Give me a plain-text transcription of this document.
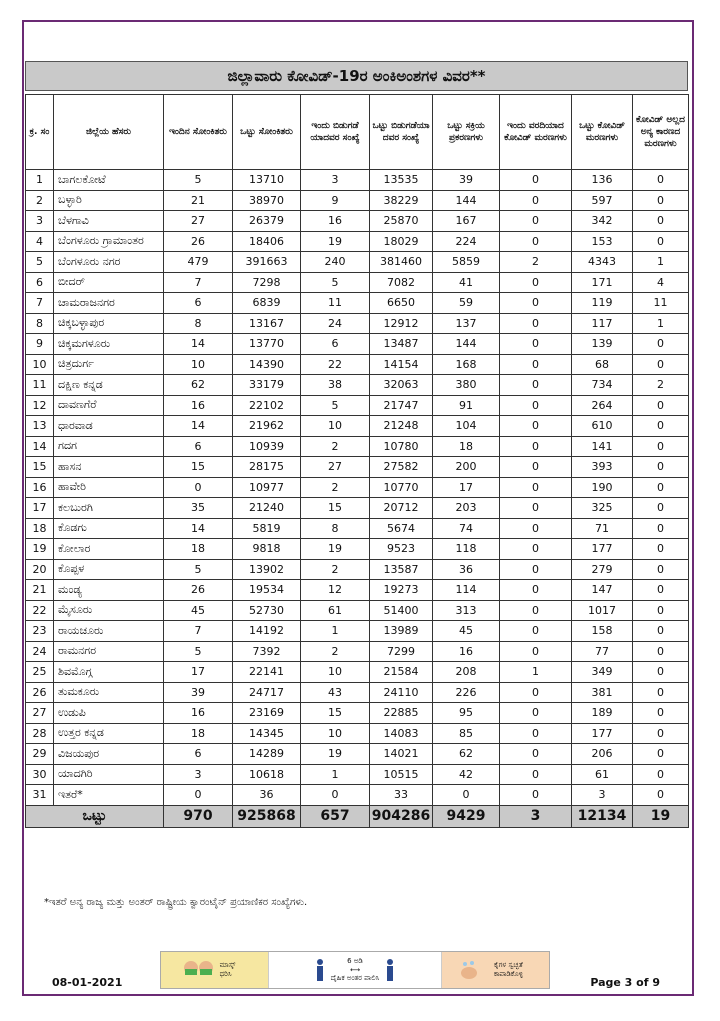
ಜಿಲ್ಲಾವಾರು ಕೋವಿಡ್-19ರ ಅಂಕಿಅಂಶಗಳ ವಿವರ**
ಕ್ರ. ಸಂ	ಜಿಲ್ಲೆಯ ಹೆಸರು	ಇಂದಿನ ಸೋಂಕಿತರು	ಒಟ್ಟು ಸೋಂಕಿತರು	ಇಂದು ಬಿಡುಗಡೆ ಯಾದವರ ಸಂಖ್ಯೆ	ಒಟ್ಟು ಬಿಡುಗಡೆಯಾ ದವರ ಸಂಖ್ಯೆ	ಒಟ್ಟು ಸಕ್ರಿಯ ಪ್ರಕರಣಗಳು	ಇಂದು ವರದಿಯಾದ ಕೋವಿಡ್ ಮರಣಗಳು	ಒಟ್ಟು ಕೋವಿಡ್ ಮರಣಗಳು	ಕೋವಿಡ್ ಅಲ್ಲದ ಅನ್ಯ ಕಾರಣದ ಮರಣಗಳು
1	ಬಾಗಲಕೋಟೆ	5	13710	3	13535	39	0	136	0
2	ಬಳ್ಳಾರಿ	21	38970	9	38229	144	0	597	0
3	ಬೆಳಗಾವಿ	27	26379	16	25870	167	0	342	0
4	ಬೆಂಗಳೂರು ಗ್ರಾಮಾಂತರ	26	18406	19	18029	224	0	153	0
5	ಬೆಂಗಳೂರು ನಗರ	479	391663	240	381460	5859	2	4343	1
6	ಬೀದರ್	7	7298	5	7082	41	0	171	4
7	ಚಾಮರಾಜನಗರ	6	6839	11	6650	59	0	119	11
8	ಚಿಕ್ಕಬಳ್ಳಾಪುರ	8	13167	24	12912	137	0	117	1
9	ಚಿಕ್ಕಮಗಳೂರು	14	13770	6	13487	144	0	139	0
10	ಚಿತ್ರದುರ್ಗ	10	14390	22	14154	168	0	68	0
11	ದಕ್ಷಿಣ ಕನ್ನಡ	62	33179	38	32063	380	0	734	2
12	ದಾವಣಗೆರೆ	16	22102	5	21747	91	0	264	0
13	ಧಾರವಾಡ	14	21962	10	21248	104	0	610	0
14	ಗದಗ	6	10939	2	10780	18	0	141	0
15	ಹಾಸನ	15	28175	27	27582	200	0	393	0
16	ಹಾವೇರಿ	0	10977	2	10770	17	0	190	0
17	ಕಲಬುರಗಿ	35	21240	15	20712	203	0	325	0
18	ಕೊಡಗು	14	5819	8	5674	74	0	71	0
19	ಕೋಲಾರ	18	9818	19	9523	118	0	177	0
20	ಕೊಪ್ಪಳ	5	13902	2	13587	36	0	279	0
21	ಮಂಡ್ಯ	26	19534	12	19273	114	0	147	0
22	ಮೈಸೂರು	45	52730	61	51400	313	0	1017	0
23	ರಾಯಚೂರು	7	14192	1	13989	45	0	158	0
24	ರಾಮನಗರ	5	7392	2	7299	16	0	77	0
25	ಶಿವಮೊಗ್ಗ	17	22141	10	21584	208	1	349	0
26	ತುಮಕೂರು	39	24717	43	24110	226	0	381	0
27	ಉಡುಪಿ	16	23169	15	22885	95	0	189	0
28	ಉತ್ತರ ಕನ್ನಡ	18	14345	10	14083	85	0	177	0
29	ವಿಜಯಪುರ	6	14289	19	14021	62	0	206	0
30	ಯಾದಗಿರಿ	3	10618	1	10515	42	0	61	0
31	ಇತರೆ*	0	36	0	33	0	0	3	0
ಒಟ್ಟು		970	925868	657	904286	9429	3	12134	19
*ಇತರೆ ಅನ್ಯ ರಾಜ್ಯ ಮತ್ತು ಅಂತರ್ ರಾಷ್ಟ್ರೀಯ ಕ್ವಾರಂಟೈನ್ ಪ್ರಯಾಣಿಕರ ಸಂಖ್ಯೆಗಳು.
ಮಾಸ್ಕ್ ಧರಿಸಿ
6 ಅಡಿ
⟷
ದೈಹಿಕ ಅಂತರ ಪಾಲಿಸಿ
ಕೈಗಳ ಸ್ವಚ್ಛತೆ ಕಾಪಾಡಿಕೊಳ್ಳಿ
08-01-2021	Page 3 of 9
